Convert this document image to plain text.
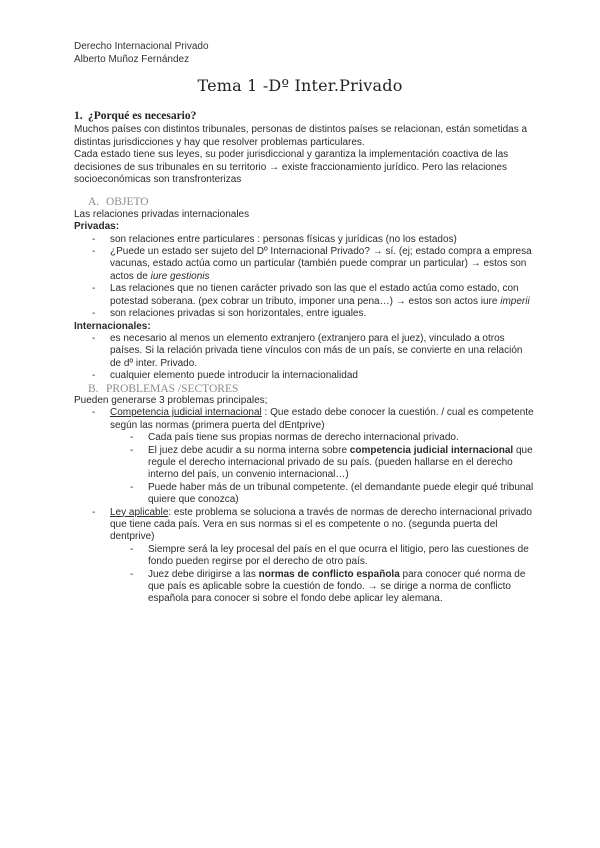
Derecho Internacional Privado
Alberto Muñoz Fernández
Tema 1 -Dº Inter.Privado
1. ¿Porqué es necesario?

Muchos países con distintos tribunales, personas de distintos países se relacionan, están sometidas a distintas jurisdicciones y hay que resolver problemas particulares.

Cada estado tiene sus leyes, su poder jurisdiccional y garantiza la implementación coactiva de las decisiones de sus tribunales en su territorio → existe fraccionamiento jurídico. Pero las relaciones socioeconómicas son transfronterizas

A. OBJETO

Las relaciones privadas internacionales

Privadas:

- son relaciones entre particulares : personas físicas y jurídicas (no los estados)
- ¿Puede un estado ser sujeto del Dº Internacional Privado? → sí. (ej; estado compra a empresa vacunas, estado actúa como un particular (también puede comprar un particular) → estos son actos de iure gestionis
- Las relaciones que no tienen carácter privado son las que el estado actúa como estado, con potestad soberana. (pex cobrar un tributo, imponer una pena…) → estos son actos iure imperii
- son relaciones privadas si son horizontales, entre iguales.

Internacionales:

- es necesario al menos un elemento extranjero (extranjero para el juez), vinculado a otros países. Si la relación privada tiene vínculos con más de un país, se convierte en una relación de dº inter. Privado.
- cualquier elemento puede introducir la internacionalidad
B. PROBLEMAS /SECTORES

Pueden generarse 3 problemas principales;

- Competencia judicial internacional : Que estado debe conocer la cuestión. / cual es competente según las normas (primera puerta del dEntprive)
- Cada país tiene sus propias normas de derecho internacional privado.
- El juez debe acudir a su norma interna sobre competencia judicial internacional que regule el derecho internacional privado de su país. (pueden hallarse en el derecho interno del país, un convenio internacional…)
- Puede haber más de un tribunal competente. (el demandante puede elegir qué tribunal quiere que conozca)
- Ley aplicable: este problema se soluciona a través de normas de derecho internacional privado que tiene cada país. Vera en sus normas si el es competente o no. (segunda puerta del dentprive)
- Siempre será la ley procesal del país en el que ocurra el litigio, pero las cuestiones de fondo pueden regirse por el derecho de otro país.
- Juez debe dirigirse a las normas de conflicto española para conocer qué norma de que país es aplicable sobre la cuestión de fondo. → se dirige a norma de conflicto española para conocer si sobre el fondo debe aplicar ley alemana.
